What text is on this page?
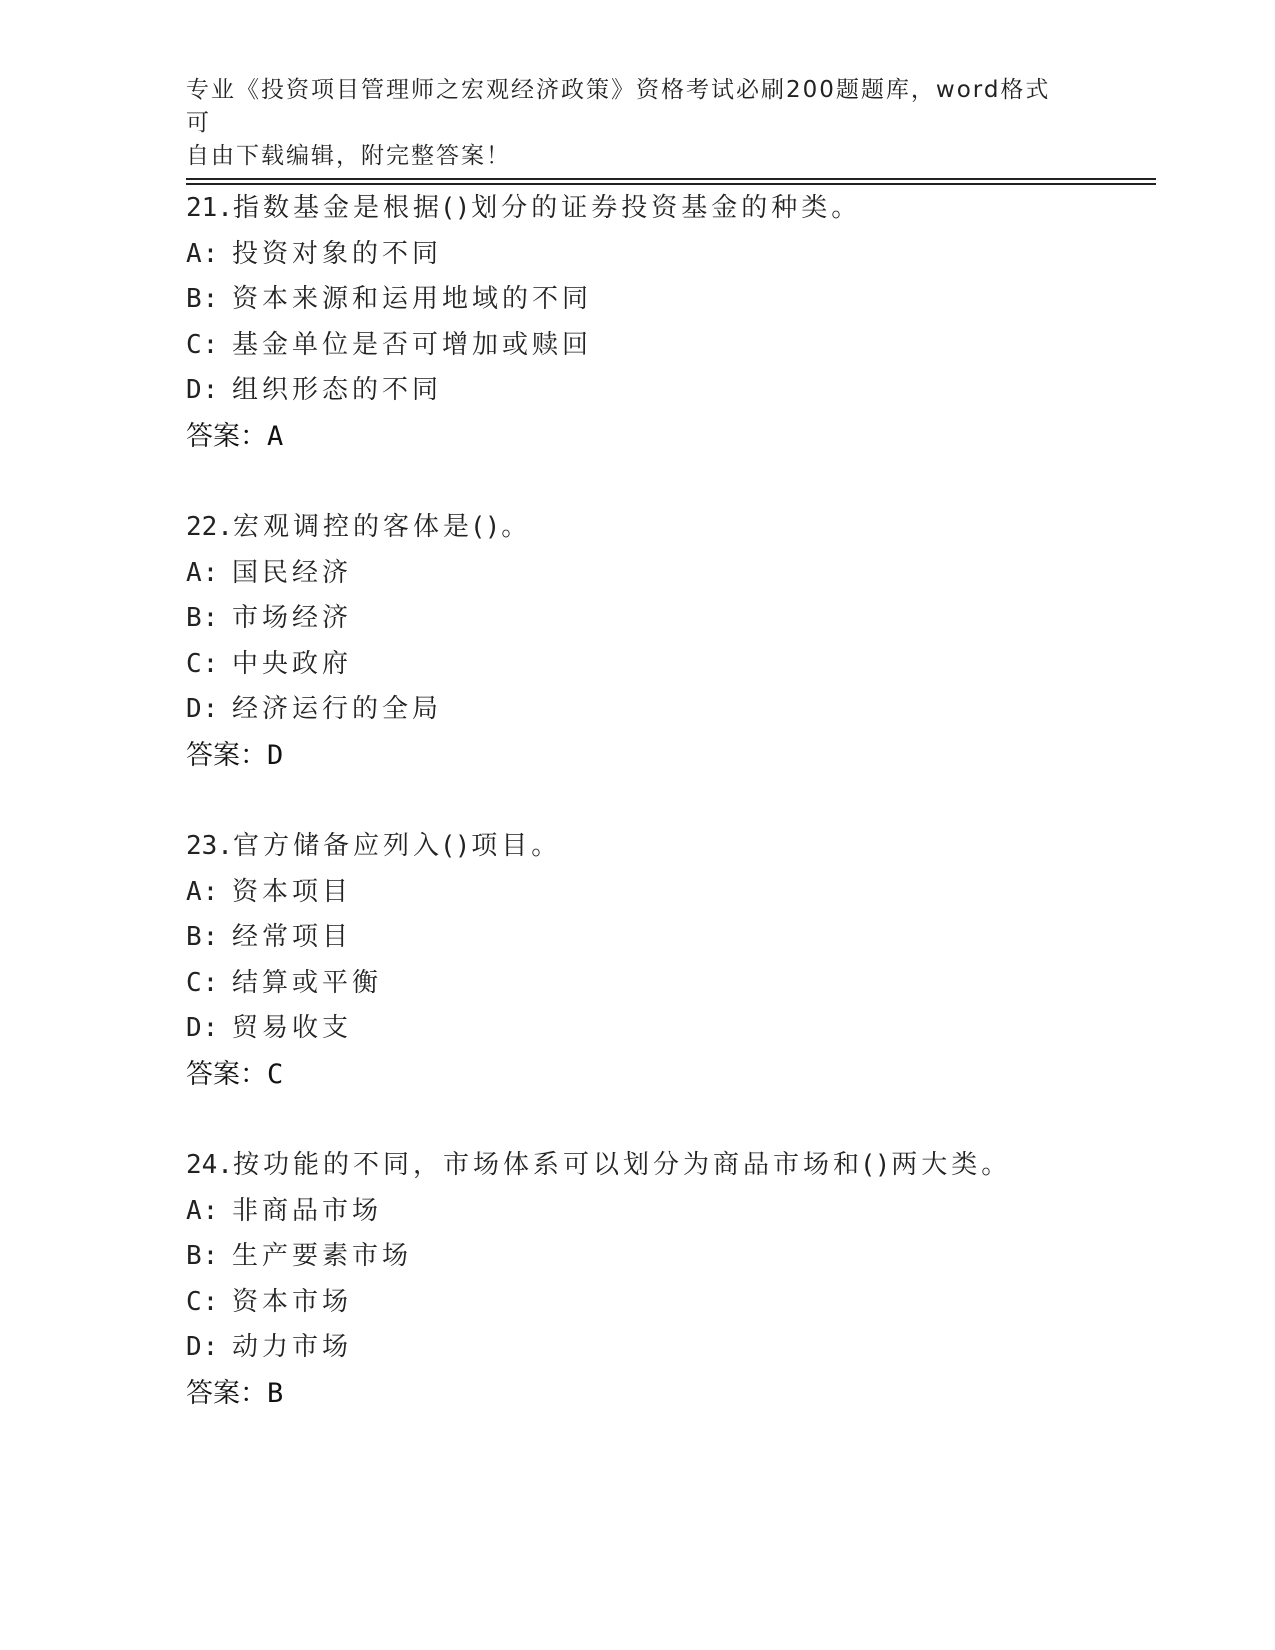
专业《投资项目管理师之宏观经济政策》资格考试必刷200题题库，word格式可
自由下载编辑，附完整答案！
21.指数基金是根据()划分的证券投资基金的种类。
A: 投资对象的不同
B: 资本来源和运用地域的不同
C: 基金单位是否可增加或赎回
D: 组织形态的不同
答案：A
22.宏观调控的客体是()。
A: 国民经济
B: 市场经济
C: 中央政府
D: 经济运行的全局
答案：D
23.官方储备应列入()项目。
A: 资本项目
B: 经常项目
C: 结算或平衡
D: 贸易收支
答案：C
24.按功能的不同，市场体系可以划分为商品市场和()两大类。
A: 非商品市场
B: 生产要素市场
C: 资本市场
D: 动力市场
答案：B
